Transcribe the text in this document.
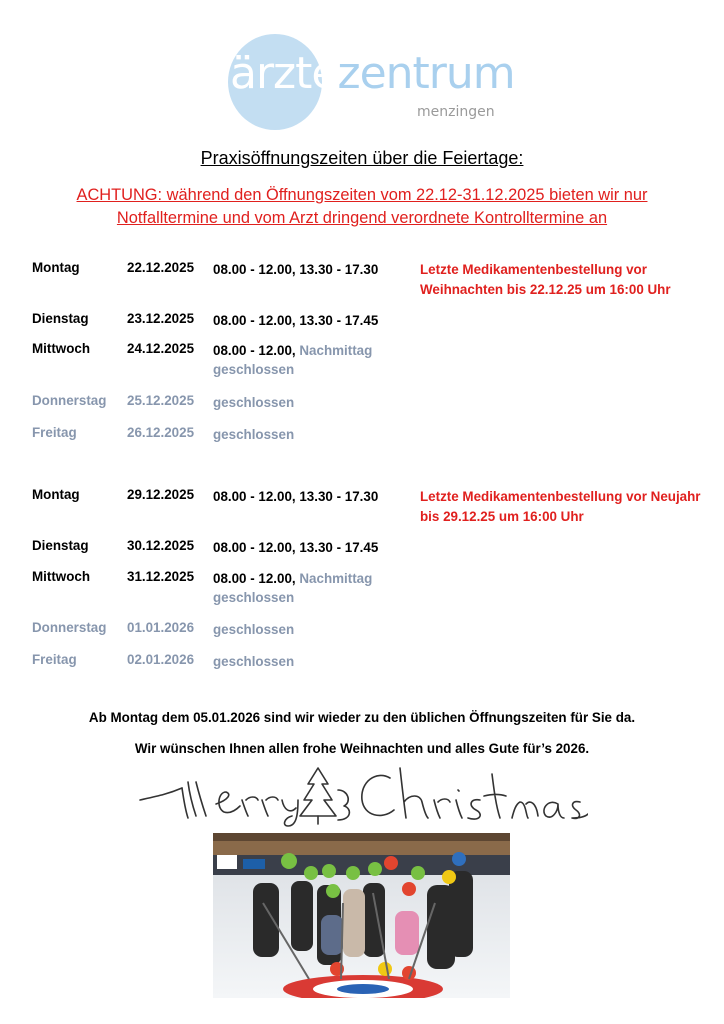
ärztezentrum
menzingen
Praxisöffnungszeiten über die Feiertage:
ACHTUNG: während den Öffnungszeiten vom 22.12-31.12.2025 bieten wir nur Notfalltermine und vom Arzt dringend verordnete Kontrolltermine an
Montag	22.12.2025 08.00 - 12.00, 13.30 - 17.30	Letzte Medikamentenbestellung vor Weihnachten bis 22.12.25 um 16:00 Uhr
Dienstag	23.12.2025 08.00 - 12.00, 13.30 - 17.45
Mittwoch	24.12.2025 08.00 - 12.00, Nachmittag
geschlossen
Donnerstag 25.12.2025 geschlossen
Freitag	26.12.2025 geschlossen
Montag	29.12.2025 08.00 - 12.00, 13.30 - 17.30	Letzte Medikamentenbestellung vor Neujahr bis 29.12.25 um 16:00 Uhr
Dienstag	30.12.2025 08.00 - 12.00, 13.30 - 17.45
Mittwoch	31.12.2025 08.00 - 12.00, Nachmittag
geschlossen
Donnerstag 01.01.2026 geschlossen
Freitag	02.01.2026 geschlossen
Ab Montag dem 05.01.2026 sind wir wieder zu den üblichen Öffnungszeiten für Sie da.
Wir wünschen Ihnen allen frohe Weihnachten und alles Gute für’s 2026.
